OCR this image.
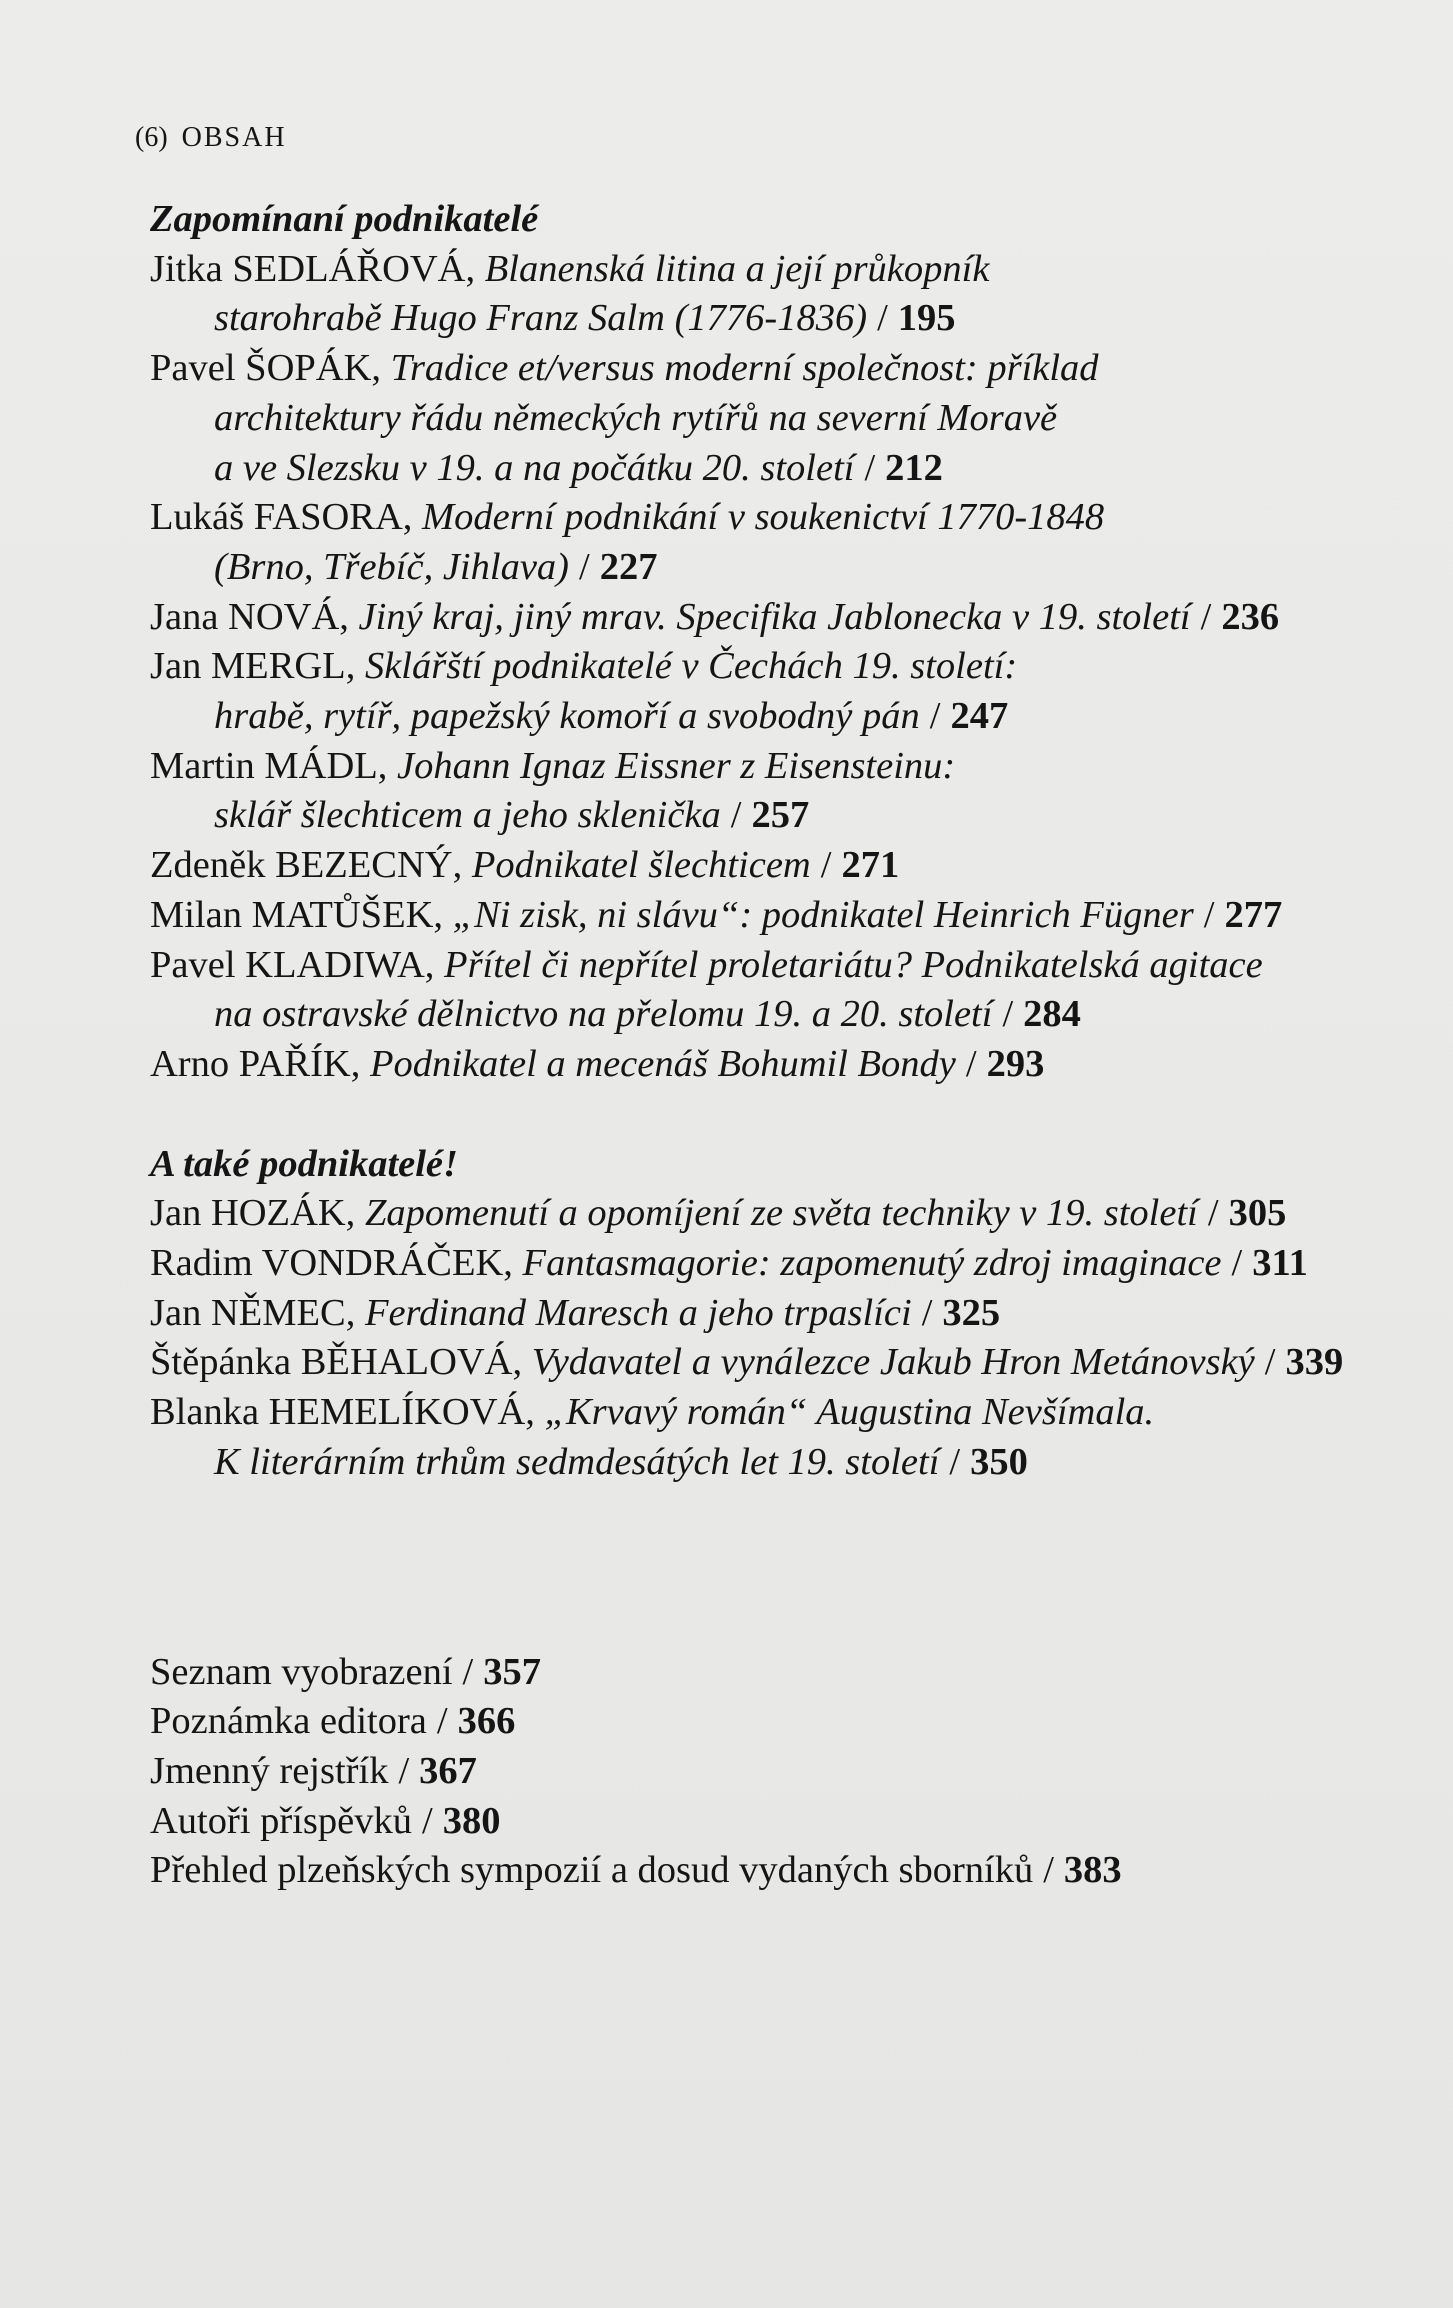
(6) OBSAH
Zapomínaní podnikatelé
Jitka SEDLÁŘOVÁ, Blanenská litina a její průkopník
starohrabě Hugo Franz Salm (1776-1836) / 195
Pavel ŠOPÁK, Tradice et/versus moderní společnost: příklad
architektury řádu německých rytířů na severní Moravě
a ve Slezsku v 19. a na počátku 20. století / 212
Lukáš FASORA, Moderní podnikání v soukenictví 1770-1848
(Brno, Třebíč, Jihlava) / 227
Jana NOVÁ, Jiný kraj, jiný mrav. Specifika Jablonecka v 19. století / 236
Jan MERGL, Sklářští podnikatelé v Čechách 19. století:
hrabě, rytíř, papežský komoří a svobodný pán / 247
Martin MÁDL, Johann Ignaz Eissner z Eisensteinu:
sklář šlechticem a jeho sklenička / 257
Zdeněk BEZECNÝ, Podnikatel šlechticem / 271
Milan MATŮŠEK, „Ni zisk, ni slávu“: podnikatel Heinrich Fügner / 277
Pavel KLADIWA, Přítel či nepřítel proletariátu? Podnikatelská agitace
na ostravské dělnictvo na přelomu 19. a 20. století / 284
Arno PAŘÍK, Podnikatel a mecenáš Bohumil Bondy / 293
A také podnikatelé!
Jan HOZÁK, Zapomenutí a opomíjení ze světa techniky v 19. století / 305
Radim VONDRÁČEK, Fantasmagorie: zapomenutý zdroj imaginace / 311
Jan NĚMEC, Ferdinand Maresch a jeho trpaslíci / 325
Štěpánka BĚHALOVÁ, Vydavatel a vynálezce Jakub Hron Metánovský / 339
Blanka HEMELÍKOVÁ, „Krvavý román“ Augustina Nevšímala.
K literárním trhům sedmdesátých let 19. století / 350
Seznam vyobrazení / 357
Poznámka editora / 366
Jmenný rejstřík / 367
Autoři příspěvků / 380
Přehled plzeňských sympozií a dosud vydaných sborníků / 383
